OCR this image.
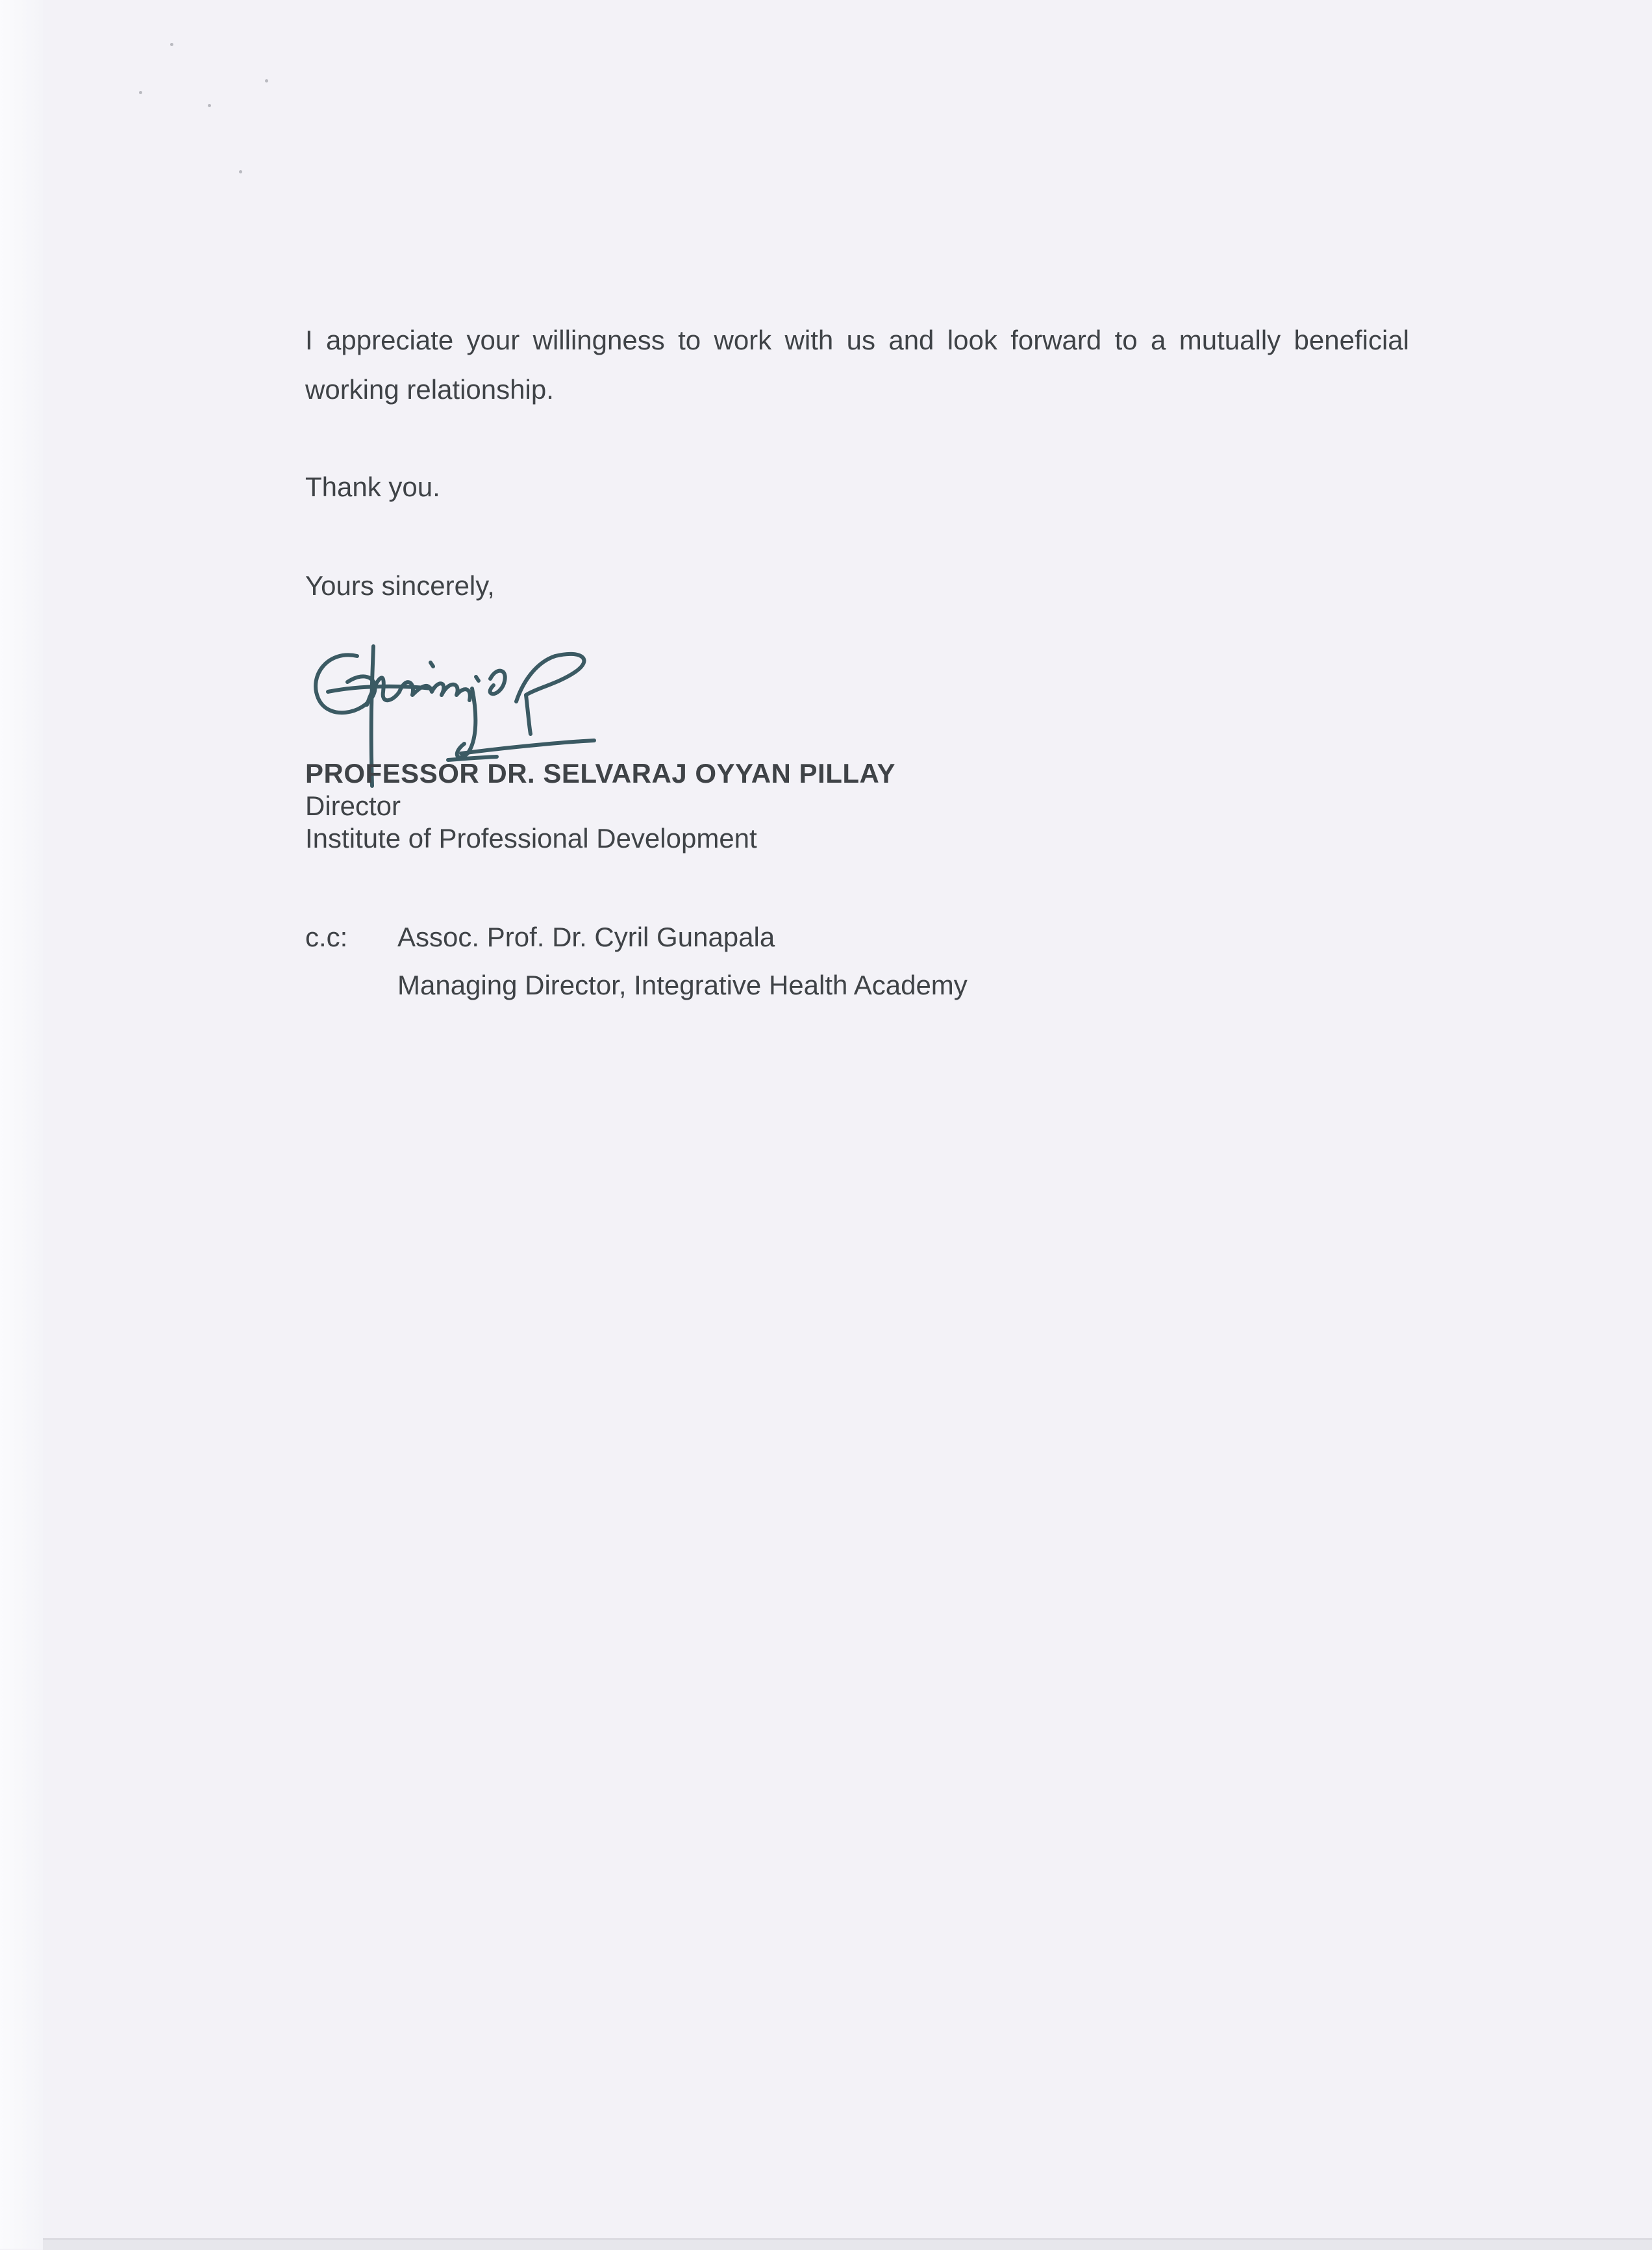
I appreciate your willingness to work with us and look forward to a mutually beneficial working relationship.

Thank you.

Yours sincerely,

PROFESSOR DR. SELVARAJ OYYAN PILLAY

Director

Institute of Professional Development

c.c: Assoc. Prof. Dr. Cyril Gunapala
Managing Director, Integrative Health Academy
